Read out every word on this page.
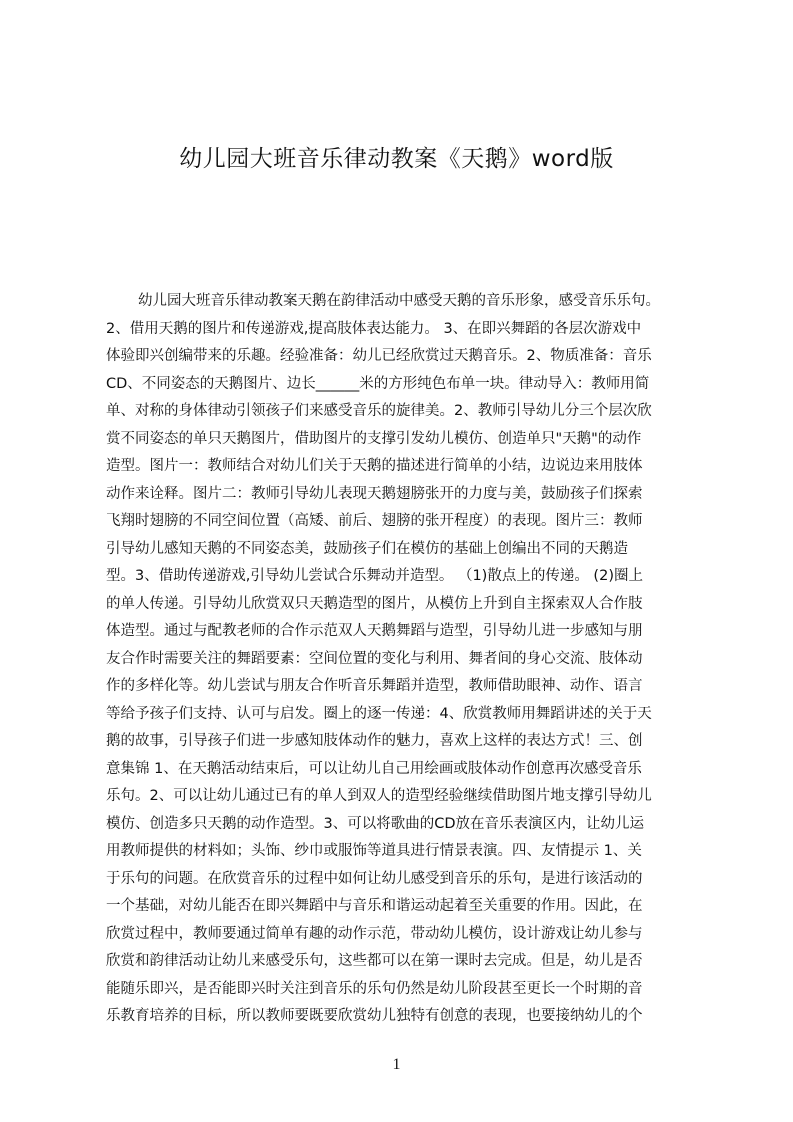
幼儿园大班音乐律动教案《天鹅》word版
幼儿园大班音乐律动教案天鹅在韵律活动中感受天鹅的音乐形象，感受音乐乐句。
2、借用天鹅的图片和传递游戏,提高肢体表达能力。 3、在即兴舞蹈的各层次游戏中
体验即兴创编带来的乐趣。经验准备：幼儿已经欣赏过天鹅音乐。2、物质准备：音乐
CD、不同姿态的天鹅图片、边长______米的方形纯色布单一块。律动导入：教师用简
单、对称的身体律动引领孩子们来感受音乐的旋律美。2、教师引导幼儿分三个层次欣
赏不同姿态的单只天鹅图片，借助图片的支撑引发幼儿模仿、创造单只"天鹅"的动作
造型。图片一：教师结合对幼儿们关于天鹅的描述进行简单的小结，边说边来用肢体
动作来诠释。图片二：教师引导幼儿表现天鹅翅膀张开的力度与美，鼓励孩子们探索
飞翔时翅膀的不同空间位置（高矮、前后、翅膀的张开程度）的表现。图片三：教师
引导幼儿感知天鹅的不同姿态美，鼓励孩子们在模仿的基础上创编出不同的天鹅造
型。3、借助传递游戏,引导幼儿尝试合乐舞动并造型。 （1)散点上的传递。 (2)圈上
的单人传递。引导幼儿欣赏双只天鹅造型的图片，从模仿上升到自主探索双人合作肢
体造型。通过与配教老师的合作示范双人天鹅舞蹈与造型，引导幼儿进一步感知与朋
友合作时需要关注的舞蹈要素：空间位置的变化与利用、舞者间的身心交流、肢体动
作的多样化等。幼儿尝试与朋友合作听音乐舞蹈并造型，教师借助眼神、动作、语言
等给予孩子们支持、认可与启发。圈上的逐一传递：4、欣赏教师用舞蹈讲述的关于天
鹅的故事，引导孩子们进一步感知肢体动作的魅力，喜欢上这样的表达方式！三、创
意集锦 1、在天鹅活动结束后，可以让幼儿自己用绘画或肢体动作创意再次感受音乐
乐句。2、可以让幼儿通过已有的单人到双人的造型经验继续借助图片地支撑引导幼儿
模仿、创造多只天鹅的动作造型。3、可以将歌曲的CD放在音乐表演区内，让幼儿运
用教师提供的材料如；头饰、纱巾或服饰等道具进行情景表演。四、友情提示 1、关
于乐句的问题。在欣赏音乐的过程中如何让幼儿感受到音乐的乐句，是进行该活动的
一个基础，对幼儿能否在即兴舞蹈中与音乐和谐运动起着至关重要的作用。因此，在
欣赏过程中，教师要通过简单有趣的动作示范，带动幼儿模仿，设计游戏让幼儿参与
欣赏和韵律活动让幼儿来感受乐句，这些都可以在第一课时去完成。但是，幼儿是否
能随乐即兴，是否能即兴时关注到音乐的乐句仍然是幼儿阶段甚至更长一个时期的音
乐教育培养的目标，所以教师要既要欣赏幼儿独特有创意的表现，也要接纳幼儿的个
1
